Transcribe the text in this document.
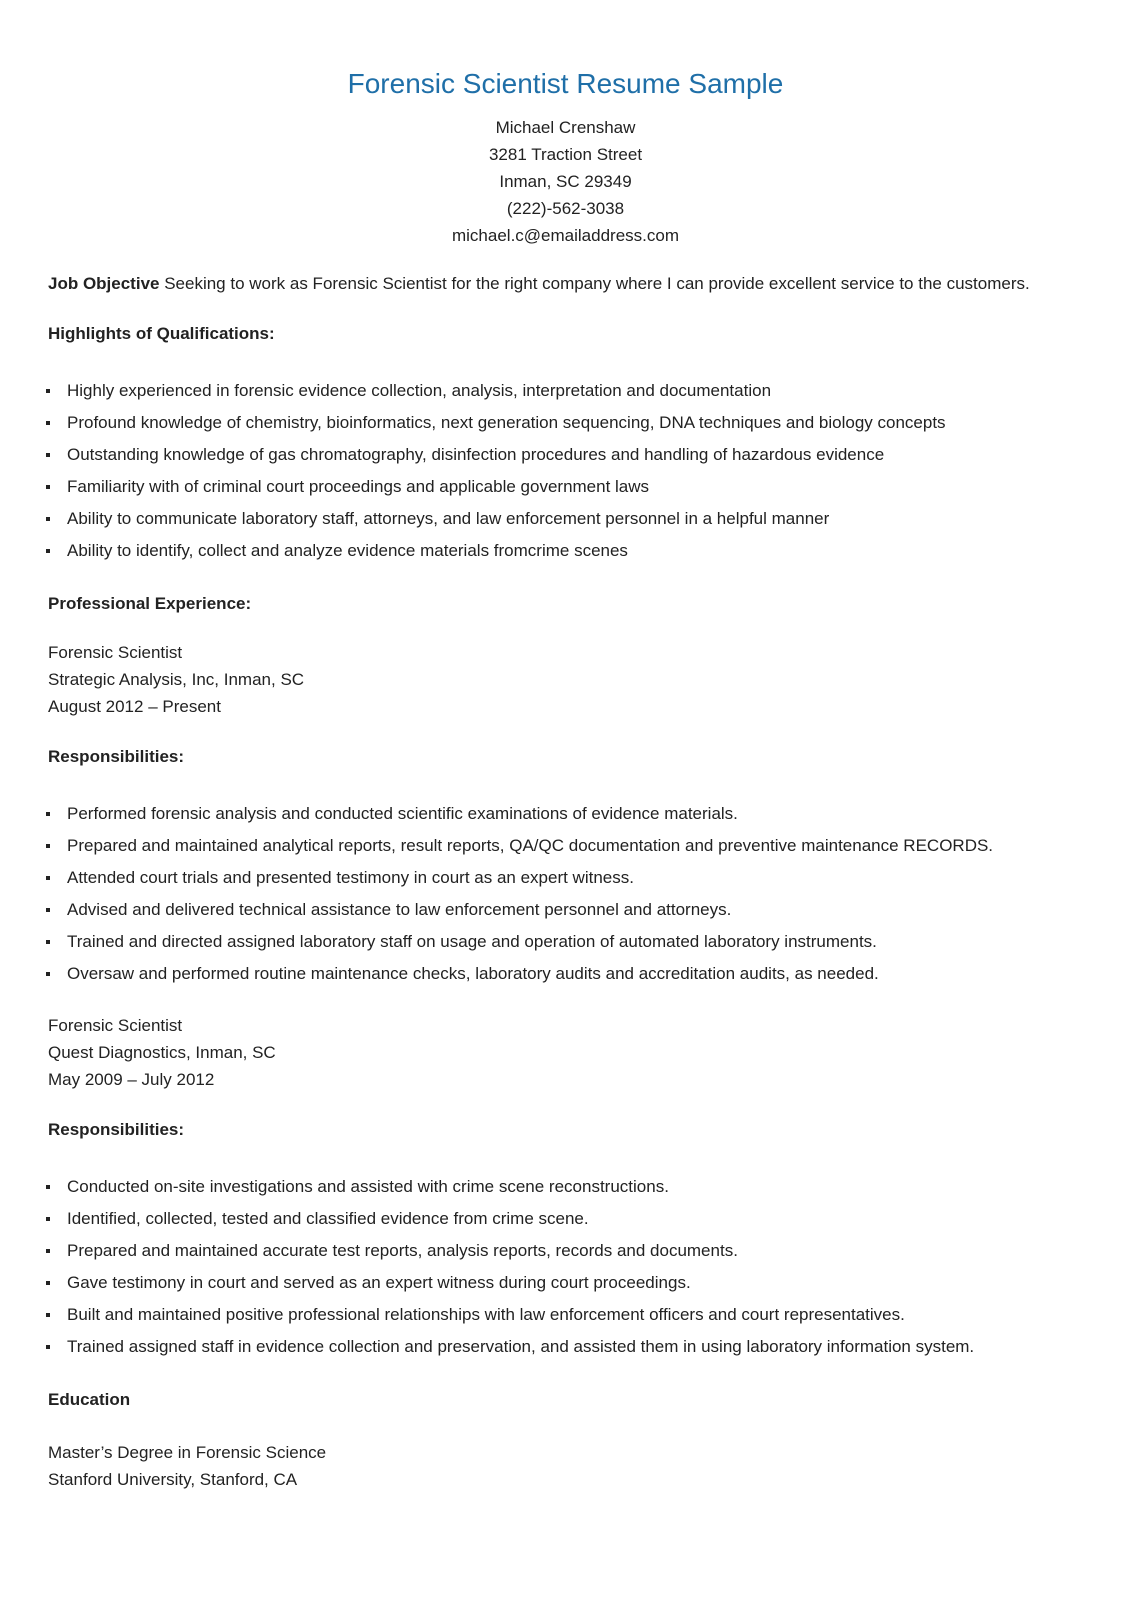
Forensic Scientist Resume Sample
Michael Crenshaw
3281 Traction Street
Inman, SC 29349
(222)-562-3038
michael.c@emailaddress.com

Job Objective Seeking to work as Forensic Scientist for the right company where I can provide excellent service to the customers.

Highlights of Qualifications:
Highly experienced in forensic evidence collection, analysis, interpretation and documentation
Profound knowledge of chemistry, bioinformatics, next generation sequencing, DNA techniques and biology concepts
Outstanding knowledge of gas chromatography, disinfection procedures and handling of hazardous evidence
Familiarity with of criminal court proceedings and applicable government laws
Ability to communicate laboratory staff, attorneys, and law enforcement personnel in a helpful manner
Ability to identify, collect and analyze evidence materials fromcrime scenes
Professional Experience:
Forensic Scientist
Strategic Analysis, Inc, Inman, SC
August 2012 – Present
Responsibilities:
Performed forensic analysis and conducted scientific examinations of evidence materials.
Prepared and maintained analytical reports, result reports, QA/QC documentation and preventive maintenance RECORDS.
Attended court trials and presented testimony in court as an expert witness.
Advised and delivered technical assistance to law enforcement personnel and attorneys.
Trained and directed assigned laboratory staff on usage and operation of automated laboratory instruments.
Oversaw and performed routine maintenance checks, laboratory audits and accreditation audits, as needed.
Forensic Scientist
Quest Diagnostics, Inman, SC
May 2009 – July 2012
Responsibilities:
Conducted on-site investigations and assisted with crime scene reconstructions.
Identified, collected, tested and classified evidence from crime scene.
Prepared and maintained accurate test reports, analysis reports, records and documents.
Gave testimony in court and served as an expert witness during court proceedings.
Built and maintained positive professional relationships with law enforcement officers and court representatives.
Trained assigned staff in evidence collection and preservation, and assisted them in using laboratory information system.
Education
Master’s Degree in Forensic Science
Stanford University, Stanford, CA
